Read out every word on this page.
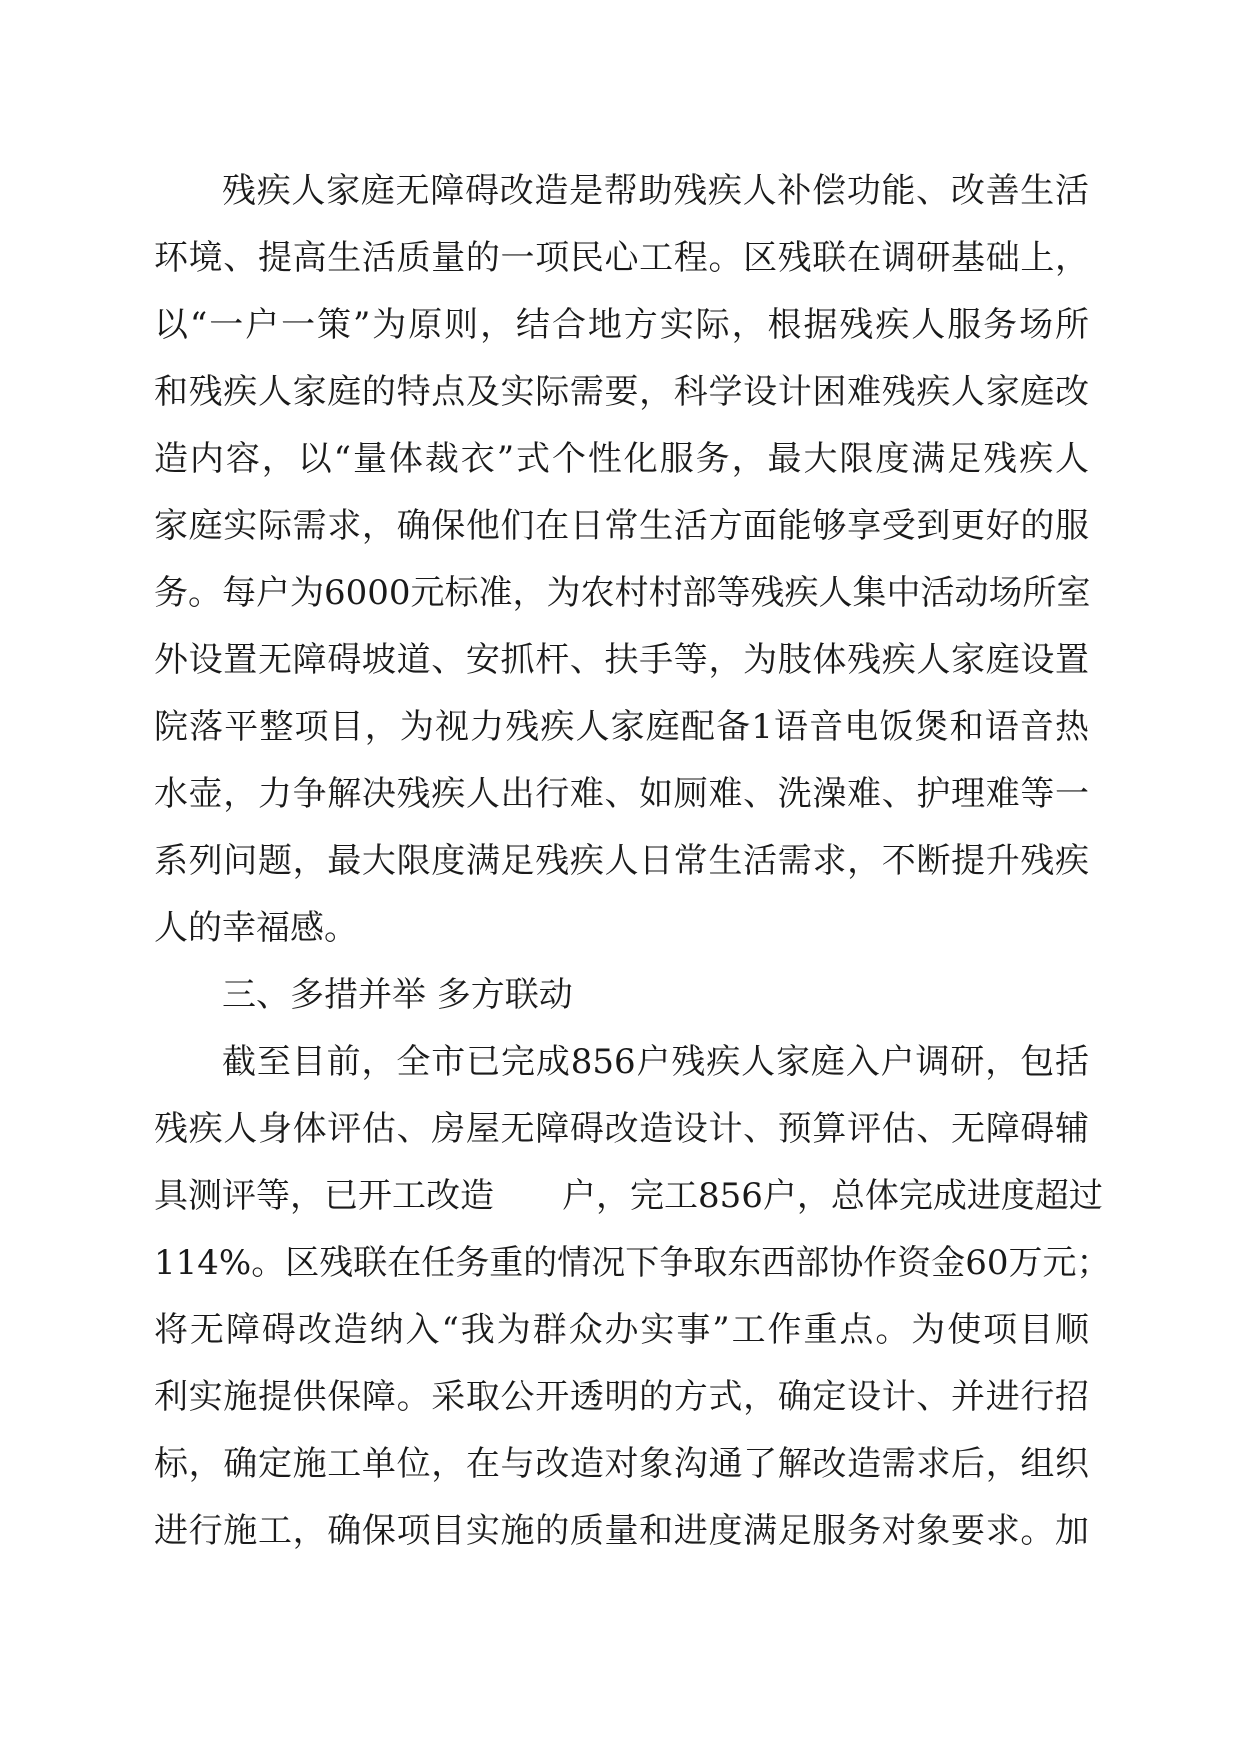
残疾人家庭无障碍改造是帮助残疾人补偿功能、改善生活
环境、提高生活质量的一项民心工程。区残联在调研基础上，
以“一户一策”为原则，结合地方实际，根据残疾人服务场所
和残疾人家庭的特点及实际需要，科学设计困难残疾人家庭改
造内容，以“量体裁衣”式个性化服务，最大限度满足残疾人
家庭实际需求，确保他们在日常生活方面能够享受到更好的服
务。每户为6000元标准，为农村村部等残疾人集中活动场所室
外设置无障碍坡道、安抓杆、扶手等，为肢体残疾人家庭设置
院落平整项目，为视力残疾人家庭配备1语音电饭煲和语音热
水壶，力争解决残疾人出行难、如厕难、洗澡难、护理难等一
系列问题，最大限度满足残疾人日常生活需求，不断提升残疾
人的幸福感。
三、多措并举 多方联动
截至目前，全市已完成856户残疾人家庭入户调研，包括
残疾人身体评估、房屋无障碍改造设计、预算评估、无障碍辅
具测评等，已开工改造　　户，完工856户，总体完成进度超过
114%。区残联在任务重的情况下争取东西部协作资金60万元；
将无障碍改造纳入“我为群众办实事”工作重点。为使项目顺
利实施提供保障。采取公开透明的方式，确定设计、并进行招
标，确定施工单位，在与改造对象沟通了解改造需求后，组织
进行施工，确保项目实施的质量和进度满足服务对象要求。加
